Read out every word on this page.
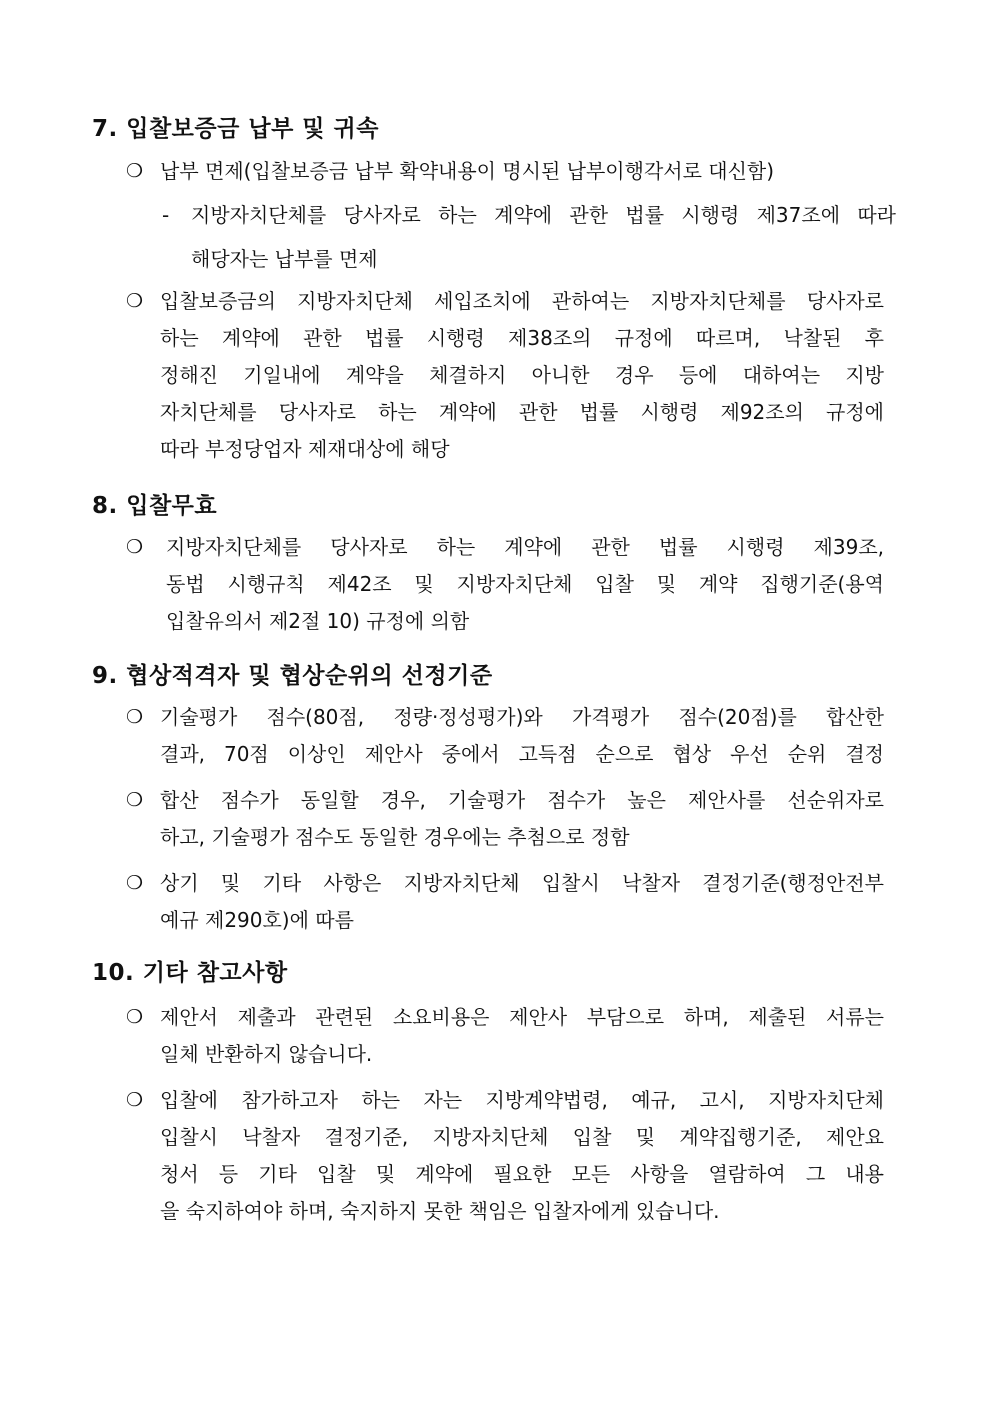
7. 입찰보증금 납부 및 귀속
❍ 납부 면제(입찰보증금 납부 확약내용이 명시된 납부이행각서로 대신함)
- 지방자치단체를 당사자로 하는 계약에 관한 법률 시행령 제37조에 따라
해당자는 납부를 면제
❍ 입찰보증금의 지방자치단체 세입조치에 관하여는 지방자치단체를 당사자로
하는 계약에 관한 법률 시행령 제38조의 규정에 따르며, 낙찰된 후
정해진 기일내에 계약을 체결하지 아니한 경우 등에 대하여는 지방
자치단체를 당사자로 하는 계약에 관한 법률 시행령 제92조의 규정에
따라 부정당업자 제재대상에 해당
8. 입찰무효
❍ 지방자치단체를 당사자로 하는 계약에 관한 법률 시행령 제39조,
동법 시행규칙 제42조 및 지방자치단체 입찰 및 계약 집행기준(용역
입찰유의서 제2절 10) 규정에 의함
9. 협상적격자 및 협상순위의 선정기준
❍ 기술평가 점수(80점, 정량·정성평가)와 가격평가 점수(20점)를 합산한
결과, 70점 이상인 제안사 중에서 고득점 순으로 협상 우선 순위 결정
❍ 합산 점수가 동일할 경우, 기술평가 점수가 높은 제안사를 선순위자로
하고, 기술평가 점수도 동일한 경우에는 추첨으로 정함
❍ 상기 및 기타 사항은 지방자치단체 입찰시 낙찰자 결정기준(행정안전부
예규 제290호)에 따름
10. 기타 참고사항
❍ 제안서 제출과 관련된 소요비용은 제안사 부담으로 하며, 제출된 서류는
일체 반환하지 않습니다.
❍ 입찰에 참가하고자 하는 자는 지방계약법령, 예규, 고시, 지방자치단체
입찰시 낙찰자 결정기준, 지방자치단체 입찰 및 계약집행기준, 제안요
청서 등 기타 입찰 및 계약에 필요한 모든 사항을 열람하여 그 내용
을 숙지하여야 하며, 숙지하지 못한 책임은 입찰자에게 있습니다.
